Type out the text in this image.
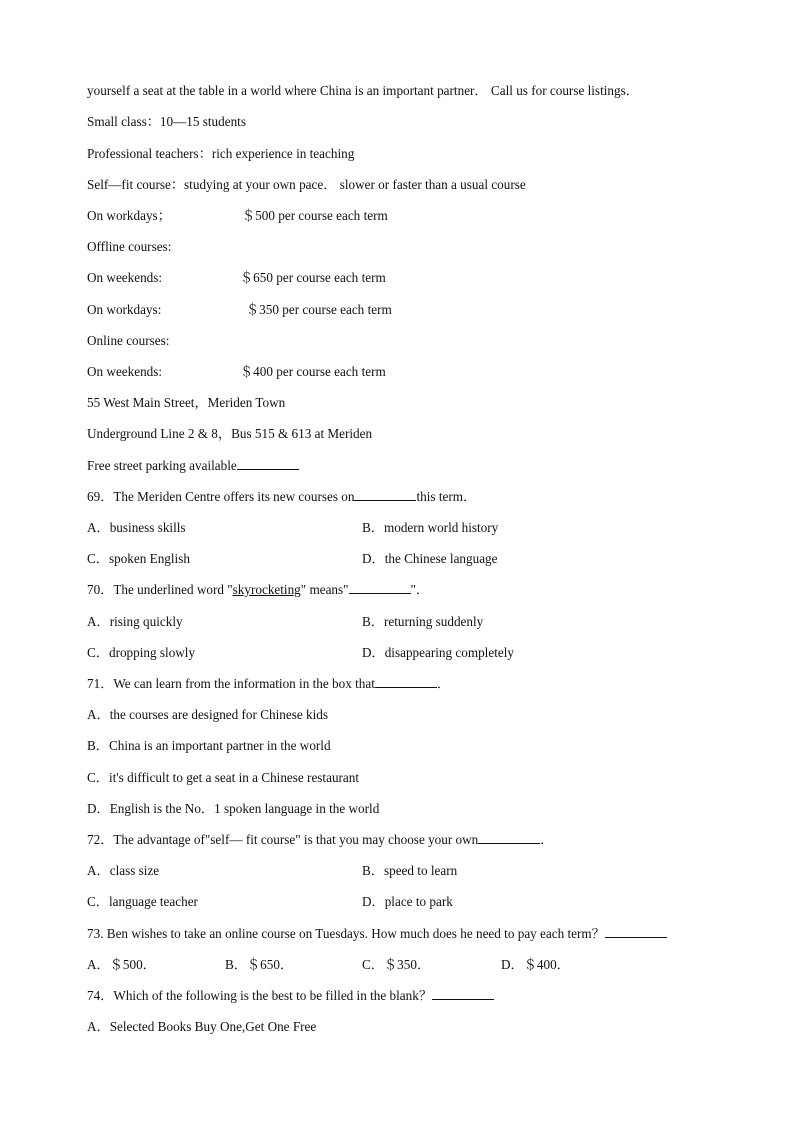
yourself a seat at the table in a world where China is an important partner． Call us for course listings．
Small class：10—15 students
Professional teachers：rich experience in teaching
Self—fit course：studying at your own pace． slower or faster than a usual course
On workdays；	＄500 per course each term
Offline courses:
On weekends:	＄650 per course each term
On workdays:	＄350 per course each term
Online courses:
On weekends:	＄400 per course each term
55 West Main Street，Meriden Town
Underground Line 2 & 8，Bus 515 & 613 at Meriden
Free street parking available
69．The Meriden Centre offers its new courses on	this term．
A．business skills	B．modern world history
C．spoken English	D．the Chinese language
70．The underlined word "skyrocketing" means"	"．
A．rising quickly	B．returning suddenly
C．dropping slowly	D．disappearing completely
71．We can learn from the information in the box that	．
A．the courses are designed for Chinese kids
B．China is an important partner in the world
C．it's difficult to get a seat in a Chinese restaurant
D．English is the No．1 spoken language in the world
72．The advantage of"self— fit course" is that you may choose your own	．
A．class size	B．speed to learn
C．language teacher	D．place to park
73. Ben wishes to take an online course on Tuesdays. How much does he need to pay each term？
A．＄500．	B．＄650．	C．＄350．	D．＄400．
74．Which of the following is the best to be filled in the blank？
A．Selected Books Buy One,Get One Free
